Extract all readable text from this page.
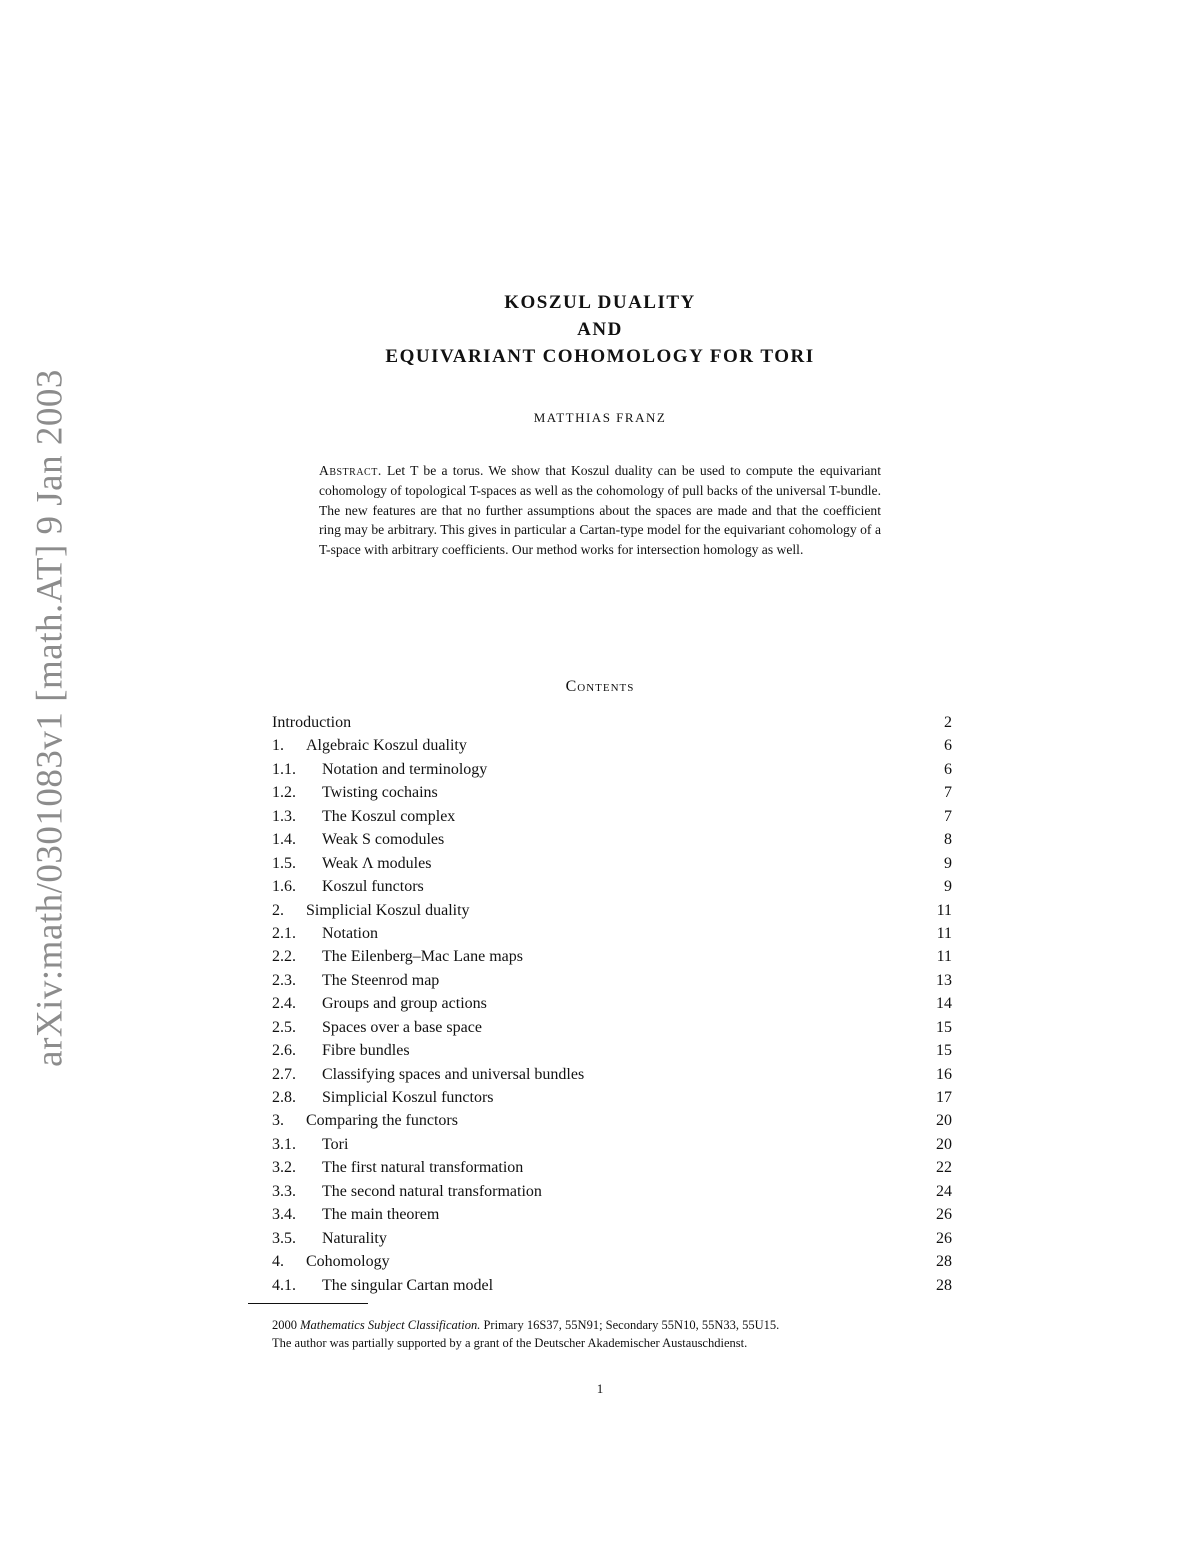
arXiv:math/0301083v1 [math.AT] 9 Jan 2003
KOSZUL DUALITY
AND
EQUIVARIANT COHOMOLOGY FOR TORI
MATTHIAS FRANZ
Abstract. Let T be a torus. We show that Koszul duality can be used to compute the equivariant cohomology of topological T-spaces as well as the cohomology of pull backs of the universal T-bundle. The new features are that no further assumptions about the spaces are made and that the coefficient ring may be arbitrary. This gives in particular a Cartan-type model for the equivariant cohomology of a T-space with arbitrary coefficients. Our method works for intersection homology as well.
Contents
Introduction	2
1. Algebraic Koszul duality	6
1.1. Notation and terminology	6
1.2. Twisting cochains	7
1.3. The Koszul complex	7
1.4. Weak S comodules	8
1.5. Weak Λ modules	9
1.6. Koszul functors	9
2. Simplicial Koszul duality	11
2.1. Notation	11
2.2. The Eilenberg–Mac Lane maps	11
2.3. The Steenrod map	13
2.4. Groups and group actions	14
2.5. Spaces over a base space	15
2.6. Fibre bundles	15
2.7. Classifying spaces and universal bundles	16
2.8. Simplicial Koszul functors	17
3. Comparing the functors	20
3.1. Tori	20
3.2. The first natural transformation	22
3.3. The second natural transformation	24
3.4. The main theorem	26
3.5. Naturality	26
4. Cohomology	28
4.1. The singular Cartan model	28

2000 Mathematics Subject Classification. Primary 16S37, 55N91; Secondary 55N10, 55N33, 55U15.

The author was partially supported by a grant of the Deutscher Akademischer Austauschdienst.

1
